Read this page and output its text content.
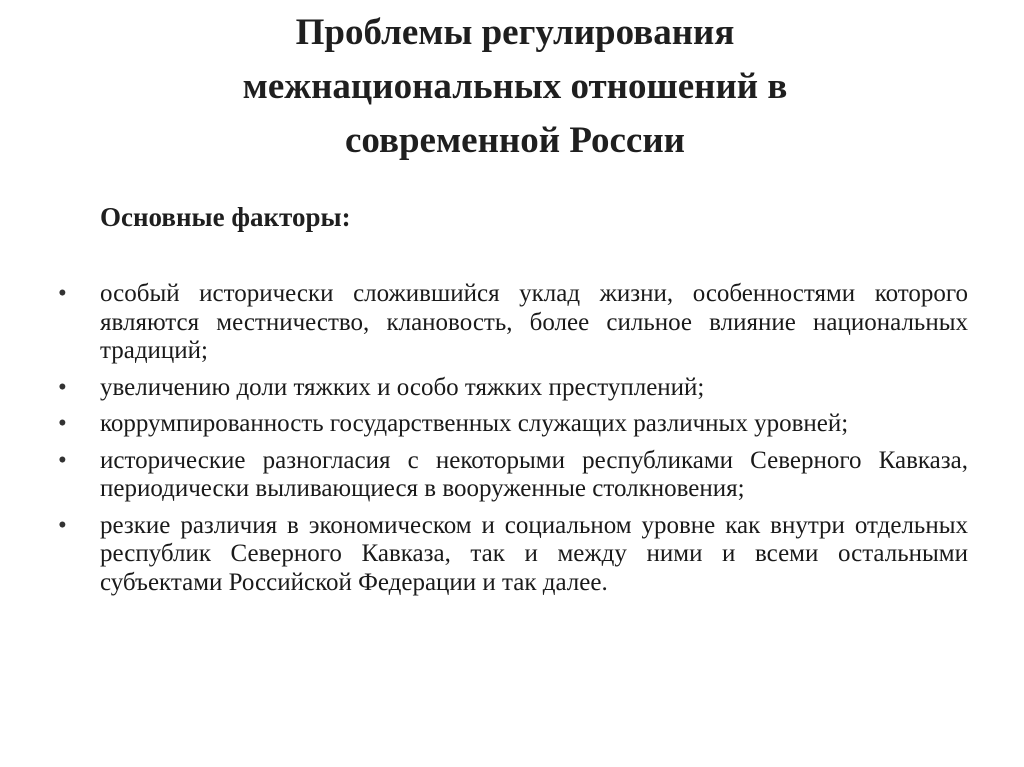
Проблемы регулирования
межнациональных отношений в
современной России
Основные факторы:
• особый исторически сложившийся уклад жизни, особенностями которого являются местничество, клановость, более сильное влияние национальных традиций;
• увеличению доли тяжких и особо тяжких преступлений;
• коррумпированность государственных служащих различных уровней;
• исторические разногласия с некоторыми республиками Северного Кавказа, периодически выливающиеся в вооруженные столкновения;
• резкие различия в экономическом и социальном уровне как внутри отдельных республик Северного Кавказа, так и между ними и всеми остальными субъектами Российской Федерации и так далее.
